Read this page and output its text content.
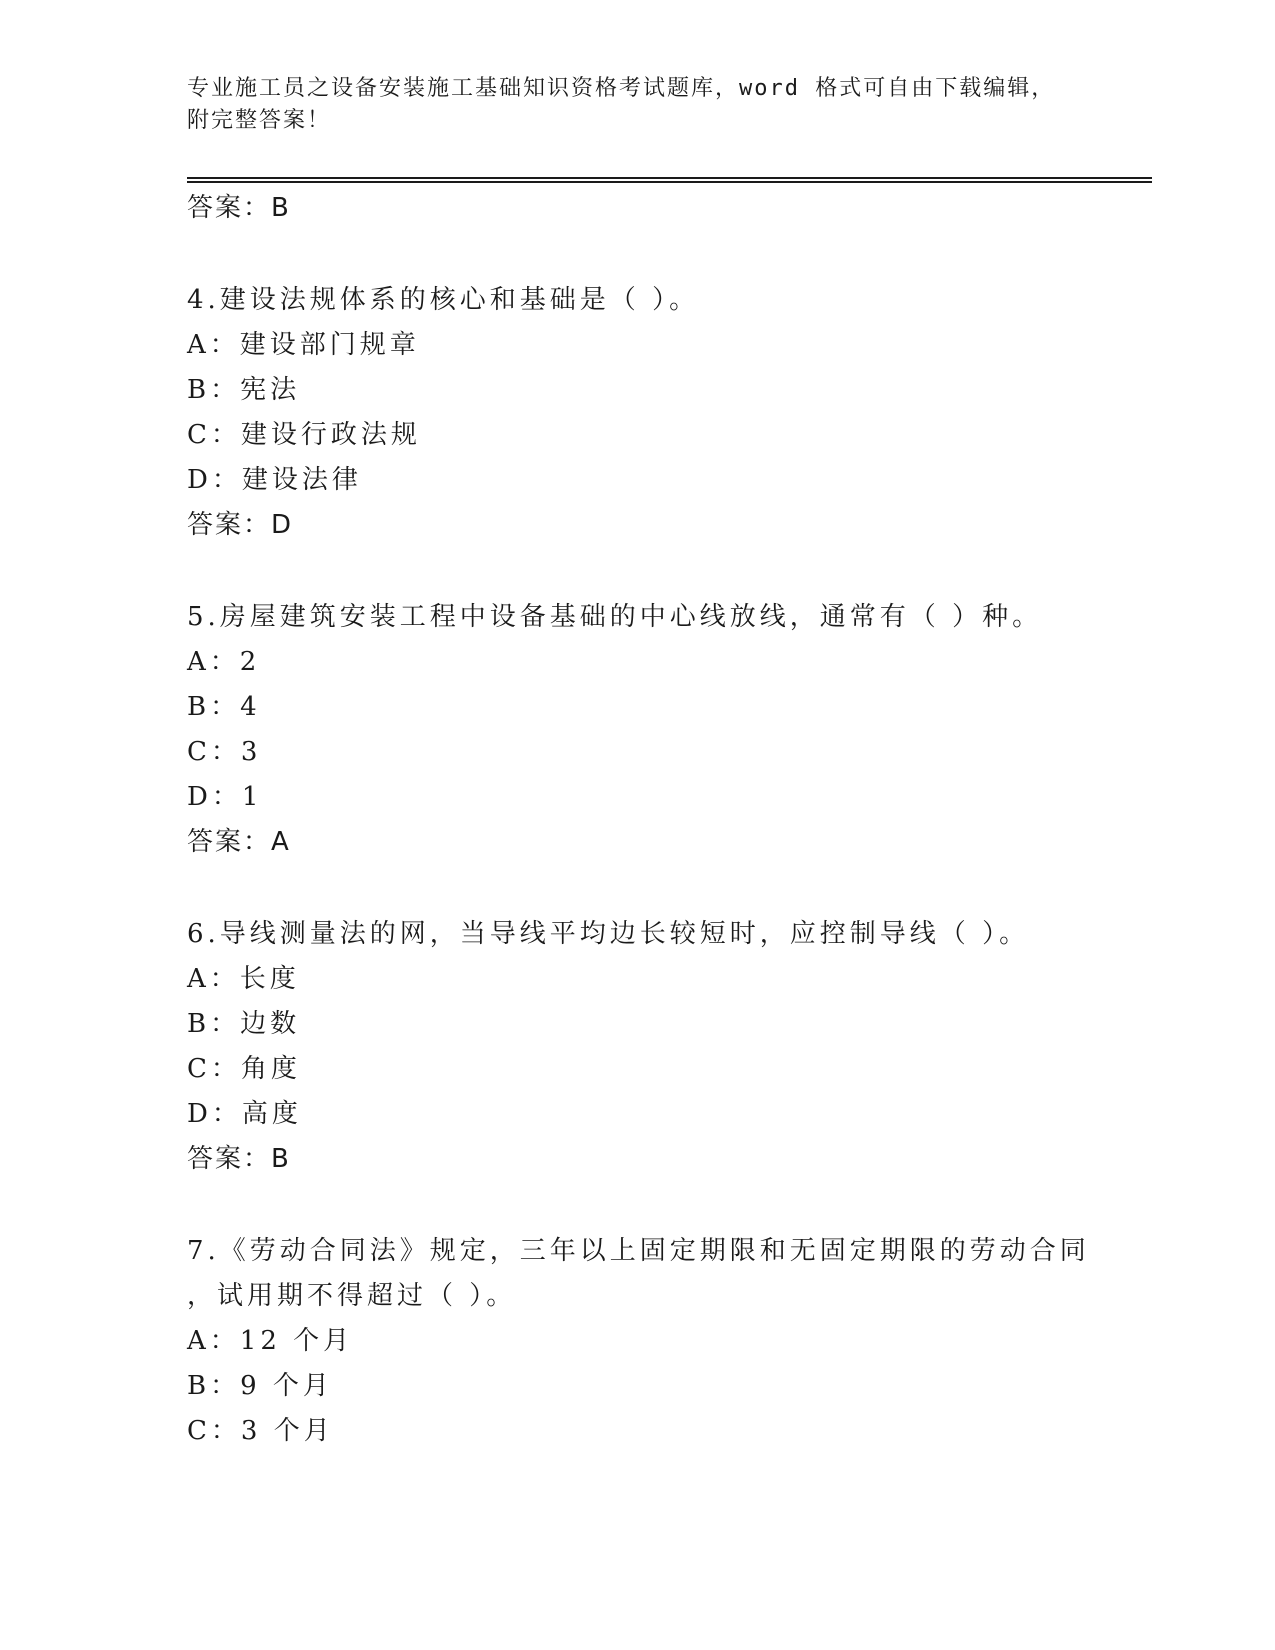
专业施工员之设备安装施工基础知识资格考试题库，word 格式可自由下载编辑，
附完整答案！
答案：B
4.建设法规体系的核心和基础是（ ）。
A：建设部门规章
B：宪法
C：建设行政法规
D：建设法律
答案：D
5.房屋建筑安装工程中设备基础的中心线放线，通常有（ ）种。
A：2
B：4
C：3
D：1
答案：A
6.导线测量法的网，当导线平均边长较短时，应控制导线（ ）。
A：长度
B：边数
C：角度
D：高度
答案：B
7.《劳动合同法》规定，三年以上固定期限和无固定期限的劳动合同
，试用期不得超过（ ）。
A：12 个月
B：9 个月
C：3 个月
